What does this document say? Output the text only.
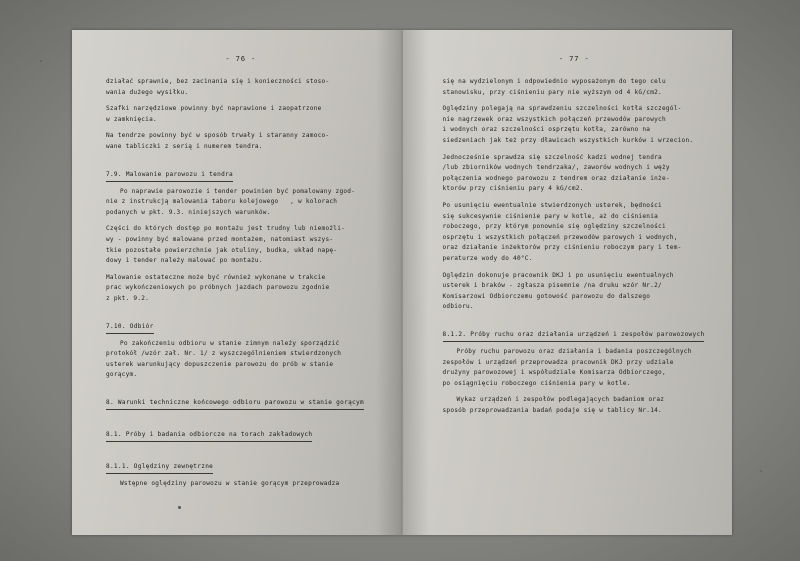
- 76 -
działać sprawnie, bez zacinania się i konieczności stoso-
wania dużego wysiłku.
Szafki narzędziowe powinny być naprawione i zaopatrzone
w zamknięcia.
Na tendrze powinny być w sposób trwały i staranny zamoco-
wane tabliczki z serią i numerem tendra.
7.9. Malowanie parowozu i tendra
Po naprawie parowozie i tender powinien być pomalowany zgod-
nie z instrukcją malowania taboru kolejowego   , w kolorach
podanych w pkt. 9.3. niniejszych warunków.
Części do których dostęp po montażu jest trudny lub niemożli-
wy - powinny być malowane przed montażem, natomiast wszys-
tkie pozostałe powierzchnie jak otuliny, budka, układ napę-
dowy i tender należy malować po montażu.
Malowanie ostateczne może być również wykonane w trakcie
prac wykończeniowych po próbnych jazdach parowozu zgodnie
z pkt. 9.2.
7.10. Odbiór
Po zakończeniu odbioru w stanie zimnym należy sporządzić
protokół /wzór zał. Nr. 1/ z wyszczególnieniem stwierdzonych
usterek warunkujący dopuszczenie parowozu do prób w stanie
gorącym.
8. Warunki techniczne końcowego odbioru parowozu w stanie gorącym
8.1. Próby i badania odbiorcze na torach zakładowych
8.1.1. Oględziny zewnętrzne
Wstępne oględziny parowozu w stanie gorącym przeprowadza
- 77 -
się na wydzielonym i odpowiednio wyposażonym do tego celu
stanowisku, przy ciśnieniu pary nie wyższym od 4 kG/cm2.
Oględziny polegają na sprawdzeniu szczelności kotła szczegól-
nie nagrzewek oraz wszystkich połączeń przewodów parowych
i wodnych oraz szczelności osprzętu kotła, zarówno na
siedzeniach jak też przy dławicach wszystkich kurków i wrzecion.
Jednocześnie sprawdza się szczelność kadzi wodnej tendra
/lub zbiorników wodnych tendrzaka/, zaworów wodnych i węży
połączenia wodnego parowozu z tendrem oraz działanie inże-
ktorów przy ciśnieniu pary 4 kG/cm2.
Po usunięciu ewentualnie stwierdzonych usterek, będności
się sukcesywnie ciśnienie pary w kotle, aż do ciśnienia
roboczego, przy którym ponownie się oględziny szczelności
osprzętu i wszystkich połączeń przewodów parowych i wodnych,
oraz działanie inżektorów przy ciśnieniu roboczym pary i tem-
peraturze wody do 40°C.
Oględzin dokonuje pracownik DKJ i po usunięciu ewentualnych
usterek i braków - zgłasza pisemnie /na druku wzór Nr.2/
Komisarzowi Odbiorczemu gotowość parowozu do dalszego
odbioru.
8.1.2. Próby ruchu oraz działania urządzeń i zespołów parowozowych
Próby ruchu parowozu oraz działania i badania poszczególnych
zespołów i urządzeń przeprowadza pracownik DKJ przy udziale
drużyny parowozowej i współudziale Komisarza Odbiorczego,
po osiągnięciu roboczego ciśnienia pary w kotle.
Wykaz urządzeń i zespołów podlegających badaniom oraz
sposób przeprowadzania badań podaje się w tablicy Nr.14.
